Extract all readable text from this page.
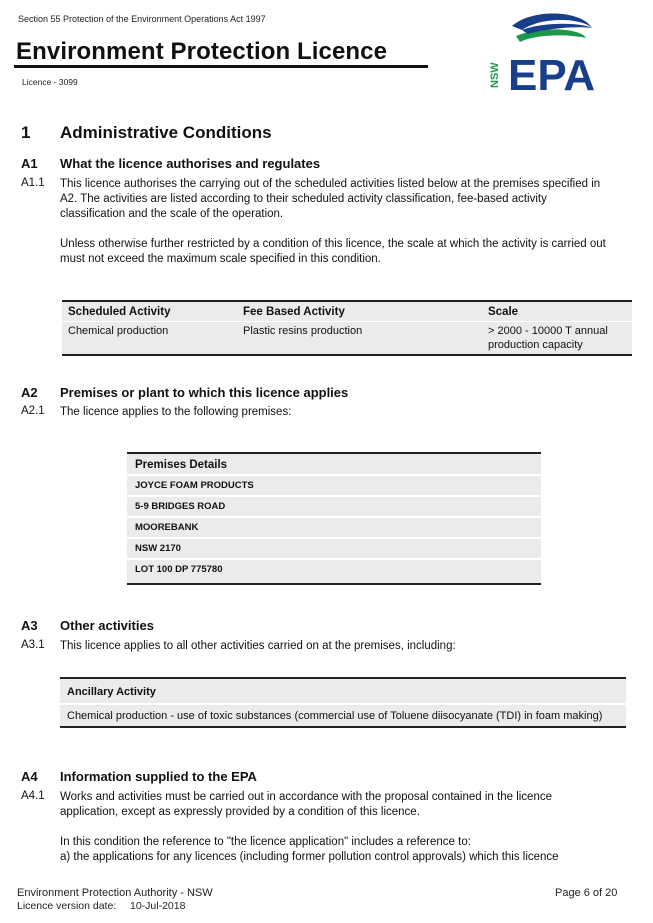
Section 55 Protection of the Environment Operations Act 1997
Environment Protection Licence
Licence - 3099	NSW EPA
1 Administrative Conditions
A1 What the licence authorises and regulates
A1.1 This licence authorises the carrying out of the scheduled activities listed below at the premises specified in A2. The activities are listed according to their scheduled activity classification, fee-based activity classification and the scale of the operation.
Unless otherwise further restricted by a condition of this licence, the scale at which the activity is carried out must not exceed the maximum scale specified in this condition.
Scheduled Activity	Fee Based Activity	Scale
Chemical production	Plastic resins production	> 2000 - 10000 T annual production capacity
A2 Premises or plant to which this licence applies
A2.1 The licence applies to the following premises:
Premises Details
JOYCE FOAM PRODUCTS
5-9 BRIDGES ROAD
MOOREBANK
NSW 2170
LOT 100 DP 775780
A3 Other activities
A3.1 This licence applies to all other activities carried on at the premises, including:
Ancillary Activity
Chemical production - use of toxic substances (commercial use of Toluene diisocyanate (TDI) in foam making)
A4 Information supplied to the EPA
A4.1 Works and activities must be carried out in accordance with the proposal contained in the licence application, except as expressly provided by a condition of this licence.
In this condition the reference to "the licence application" includes a reference to:
a) the applications for any licences (including former pollution control approvals) which this licence
Environment Protection Authority - NSW
Licence version date: 10-Jul-2018
Page 6 of 20
